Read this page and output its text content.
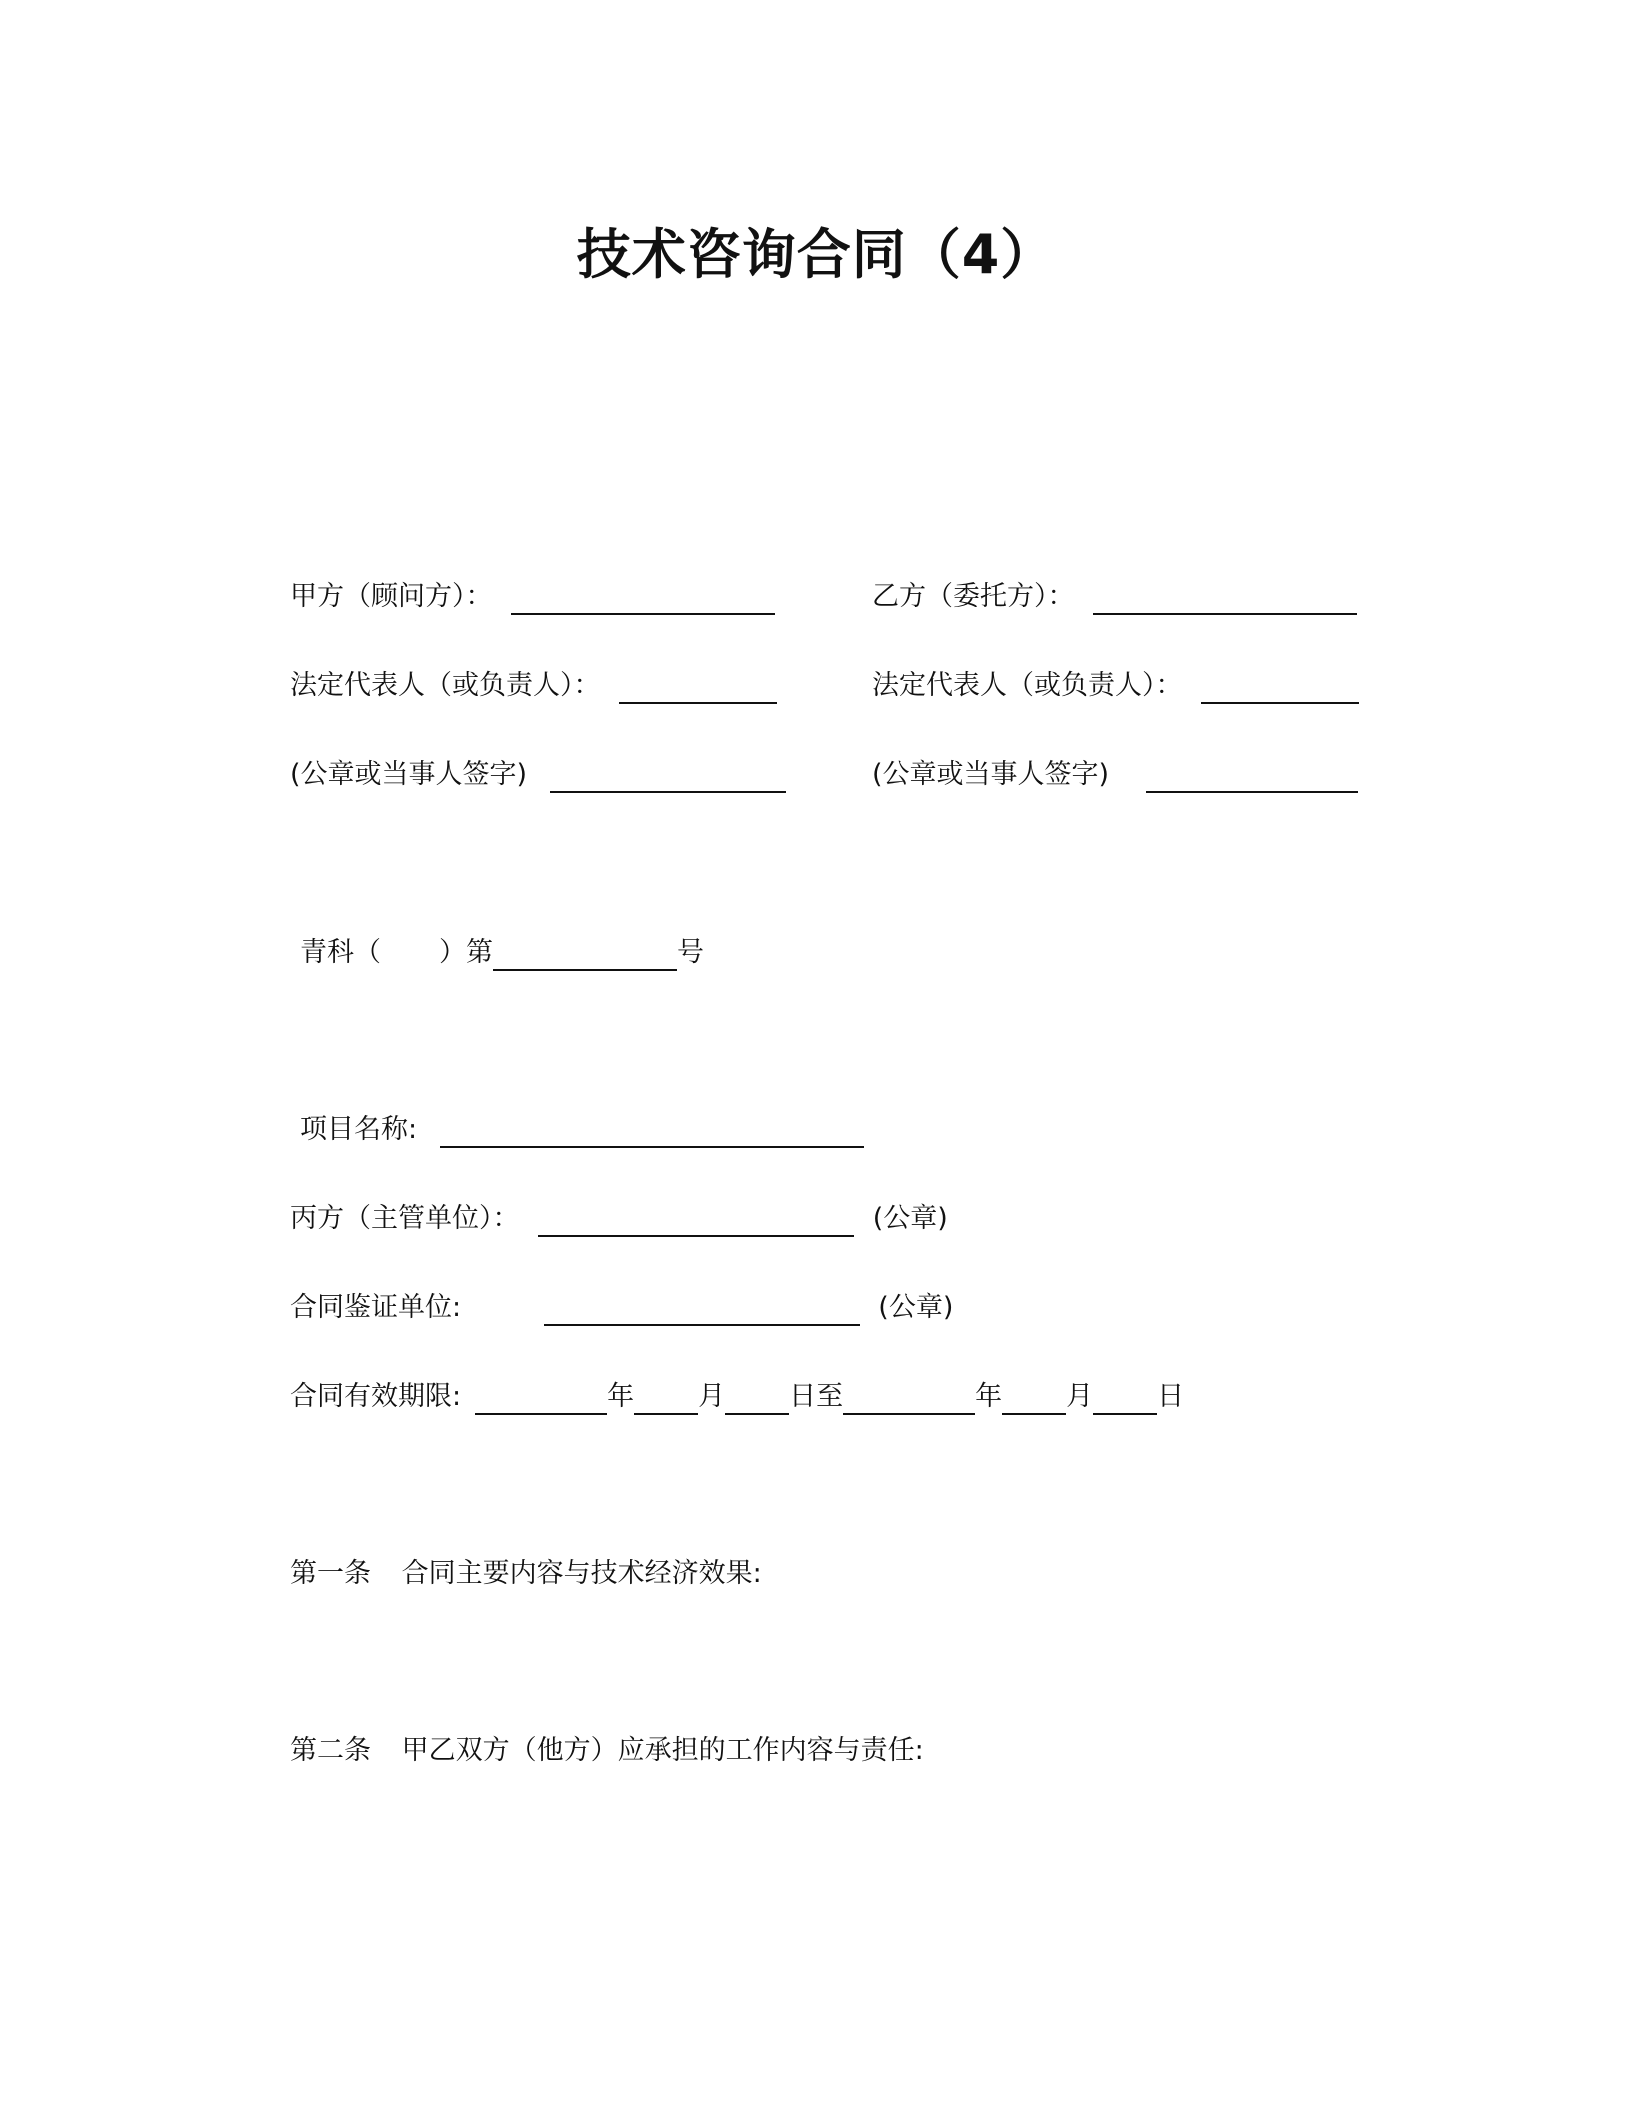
技术咨询合同（4）
甲方（顾问方）：	乙方（委托方）：
法定代表人（或负责人）：	法定代表人（或负责人）：
(公章或当事人签字)	(公章或当事人签字)
青科（ ）第	号
项目名称:
丙方（主管单位）：	(公章)
合同鉴证单位:	(公章)
合同有效期限:	年 月 日至	年 月 日
第一条 合同主要内容与技术经济效果:
第二条 甲乙双方（他方）应承担的工作内容与责任:
